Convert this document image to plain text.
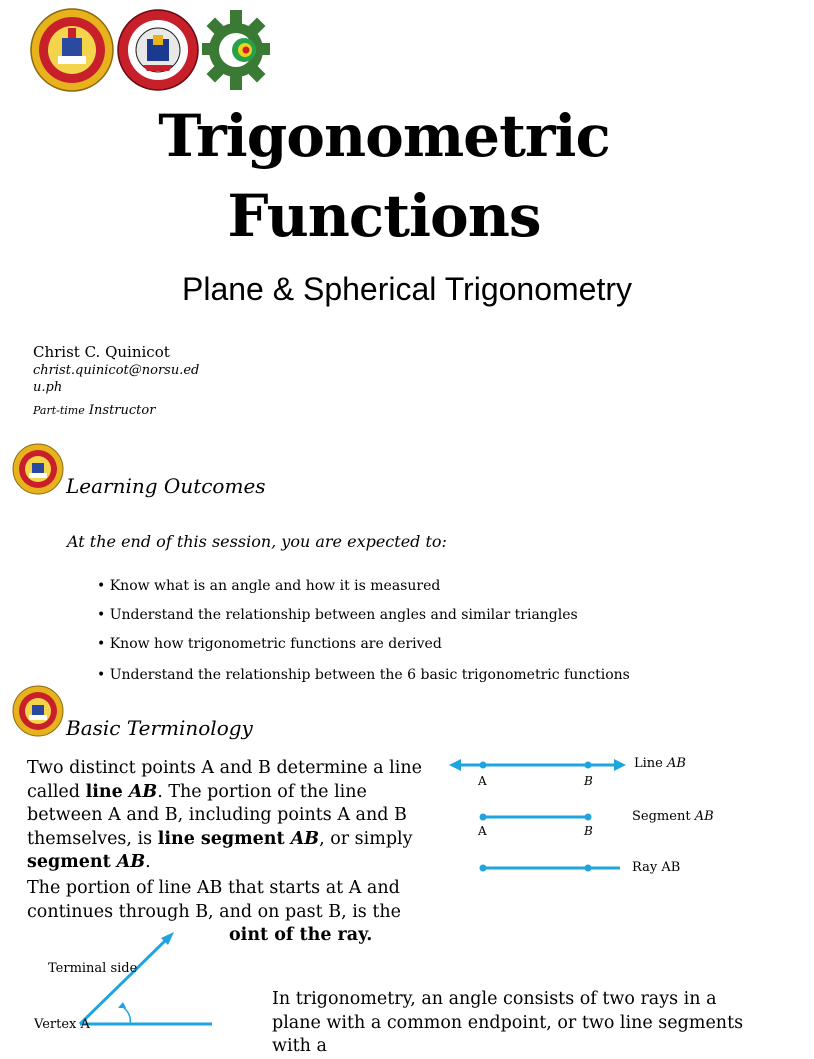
Trigonometric
Functions
Plane & Spherical Trigonometry
Christ C. Quinicot
christ.quinicot@norsu.edu.ph
Part-time Instructor
Learning Outcomes
At the end of this session, you are expected to:
• Know what is an angle and how it is measured
• Understand the relationship between angles and similar triangles
• Know how trigonometric functions are derived
• Understand the relationship between the 6 basic trigonometric functions
Basic Terminology
Two distinct points A and B determine a line called line AB. The portion of the line between A and B, including points A and B themselves, is line segment AB, or simply segment AB.
A	B
Line AB
A	B
Segment AB
Ray AB
The portion of line AB that starts at A and continues through B, and on past B, is the
Terminal side
Vertex A
oint of the ray.
In trigonometry, an angle consists of two rays in a plane with a common endpoint, or two line segments with a
